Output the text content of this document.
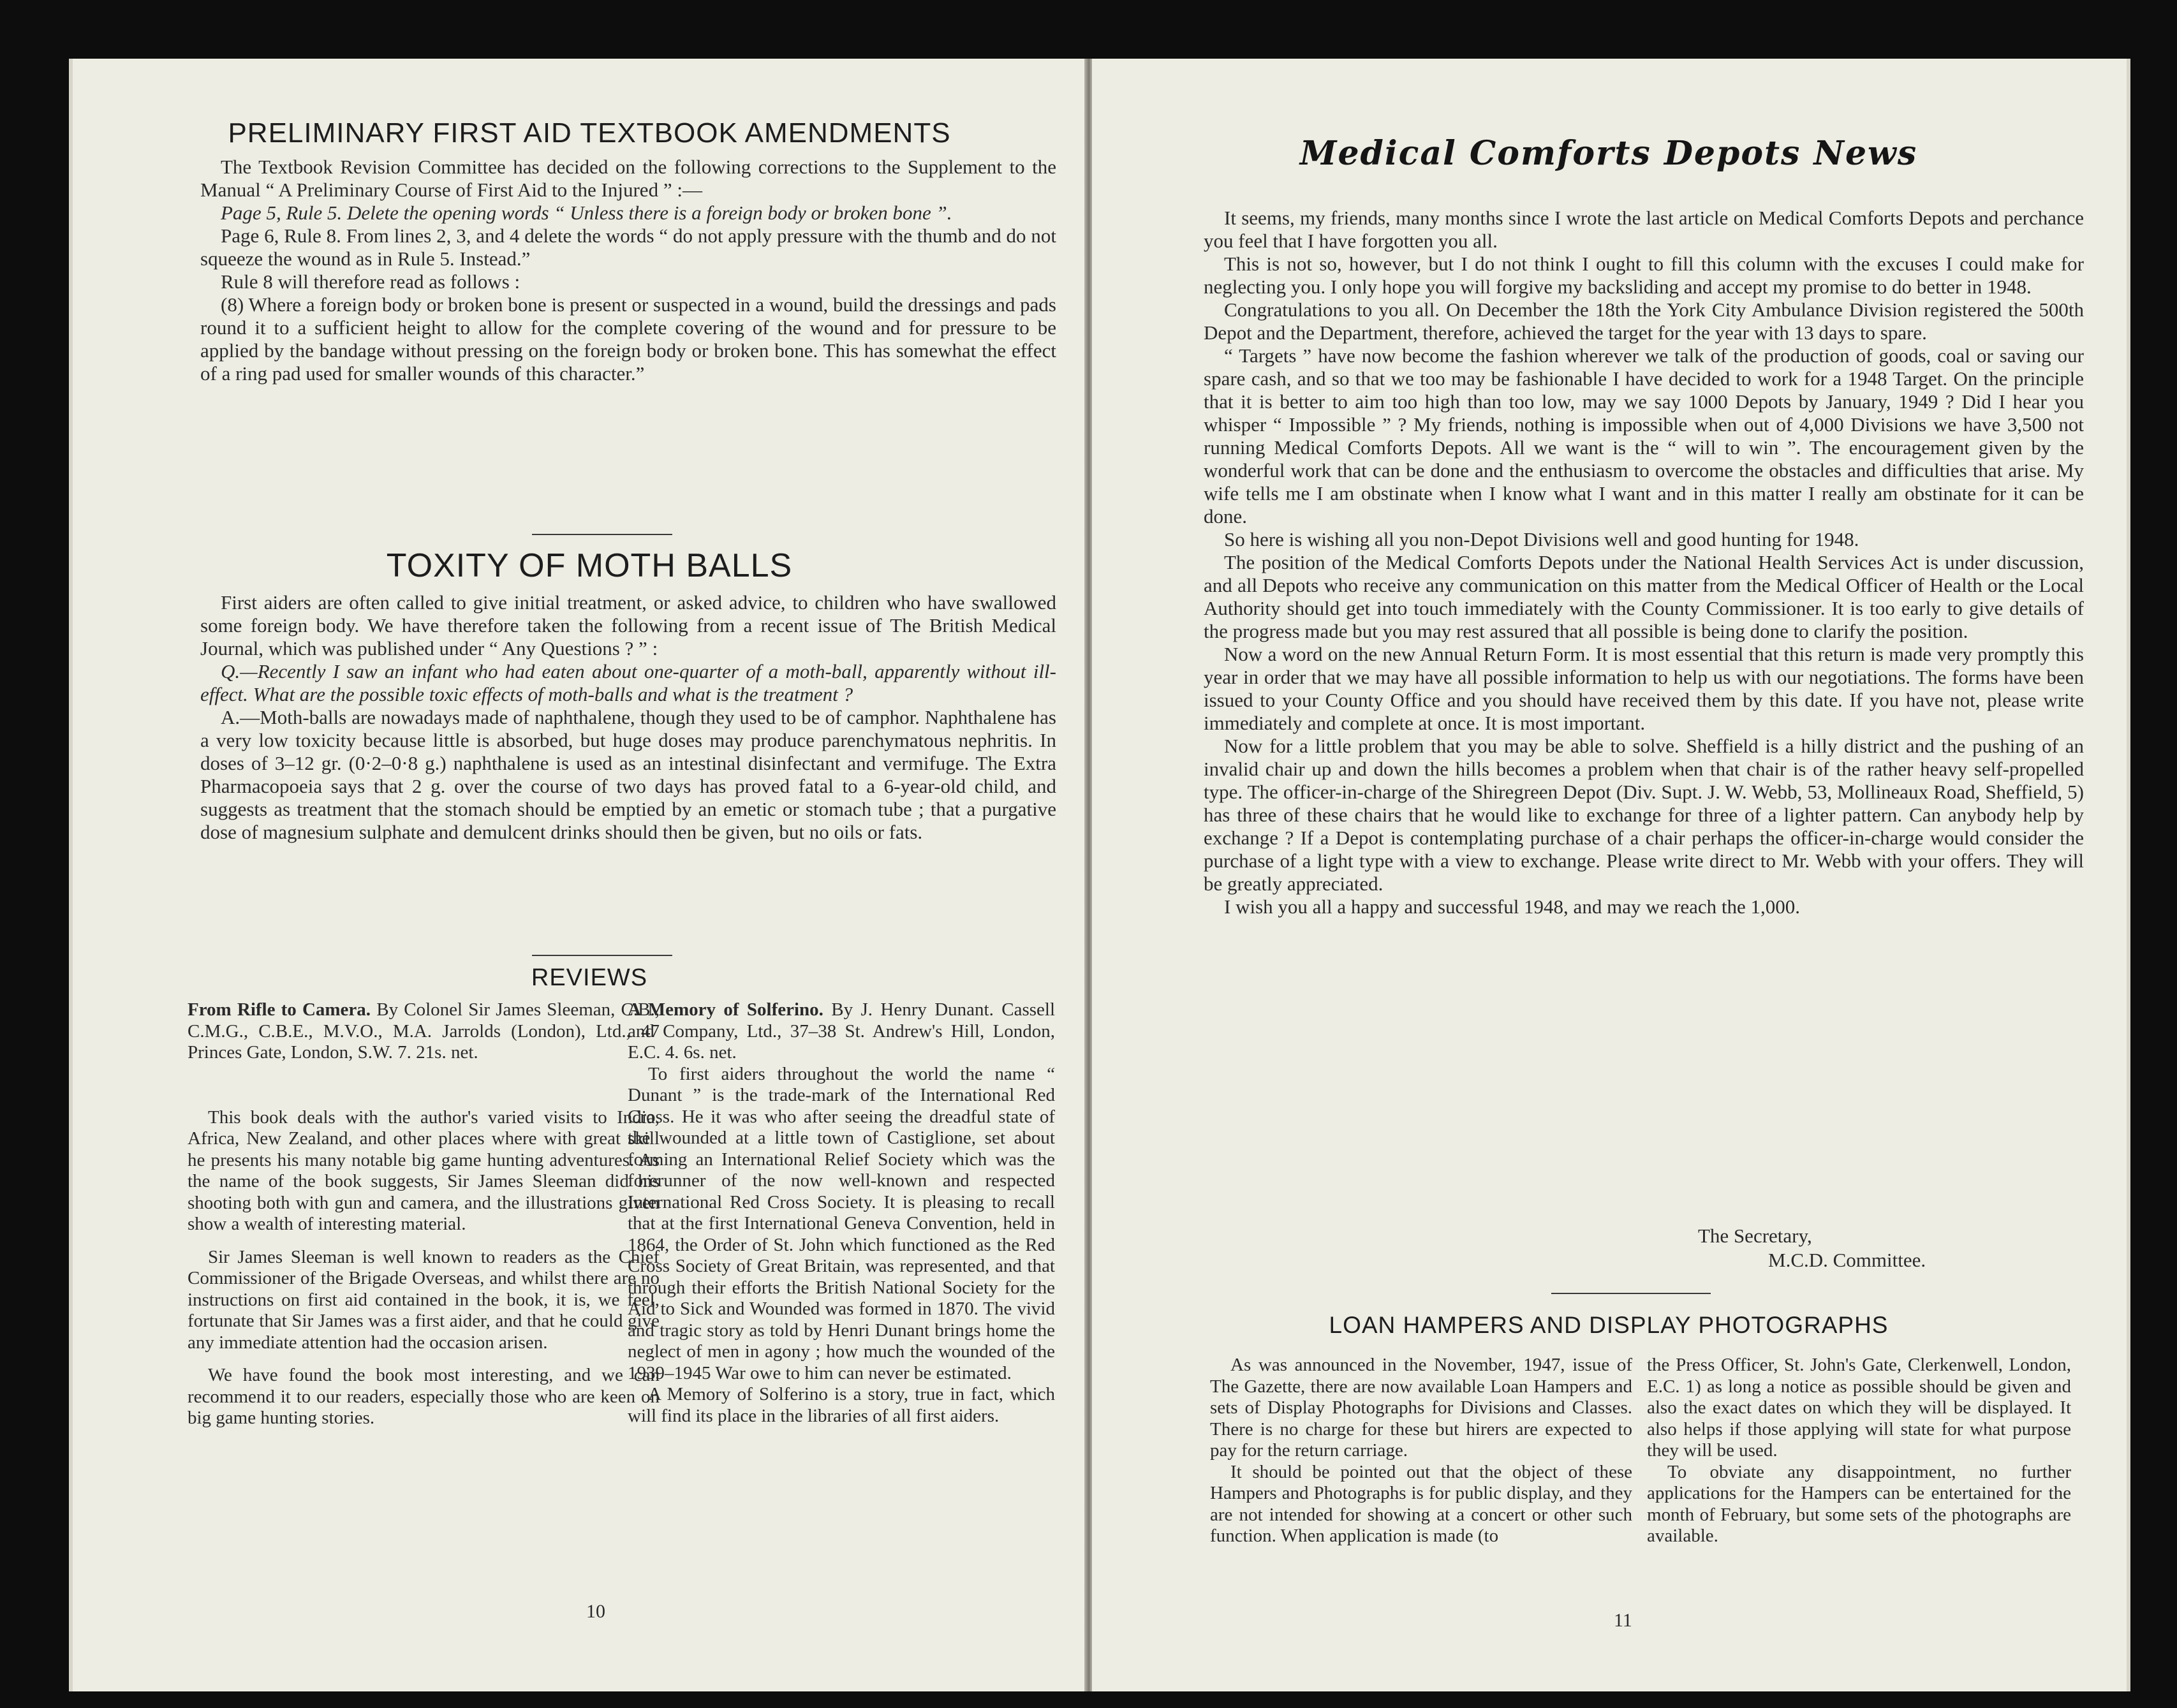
PRELIMINARY FIRST AID TEXTBOOK AMENDMENTS

The Textbook Revision Committee has decided on the following corrections to the Supplement to the Manual “ A Preliminary Course of First Aid to the Injured ” :—

Page 5, Rule 5. Delete the opening words “ Unless there is a foreign body or broken bone ”.

Page 6, Rule 8. From lines 2, 3, and 4 delete the words “ do not apply pressure with the thumb and do not squeeze the wound as in Rule 5. Instead.”

Rule 8 will therefore read as follows :

(8) Where a foreign body or broken bone is present or suspected in a wound, build the dressings and pads round it to a sufficient height to allow for the complete covering of the wound and for pressure to be applied by the bandage without pressing on the foreign body or broken bone. This has somewhat the effect of a ring pad used for smaller wounds of this character.”

TOXITY OF MOTH BALLS

First aiders are often called to give initial treatment, or asked advice, to children who have swallowed some foreign body. We have therefore taken the following from a recent issue of The British Medical Journal, which was published under “ Any Questions ? ” :

Q.—Recently I saw an infant who had eaten about one-quarter of a moth-ball, apparently without ill-effect. What are the possible toxic effects of moth-balls and what is the treatment ?

A.—Moth-balls are nowadays made of naphthalene, though they used to be of camphor. Naphthalene has a very low toxicity because little is absorbed, but huge doses may produce parenchymatous nephritis. In doses of 3–12 gr. (0·2–0·8 g.) naphthalene is used as an intestinal disinfectant and vermifuge. The Extra Pharmacopoeia says that 2 g. over the course of two days has proved fatal to a 6-year-old child, and suggests as treatment that the stomach should be emptied by an emetic or stomach tube ; that a purgative dose of magnesium sulphate and demulcent drinks should then be given, but no oils or fats.

REVIEWS

From Rifle to Camera. By Colonel Sir James Sleeman, C.B., C.M.G., C.B.E., M.V.O., M.A. Jarrolds (London), Ltd., 47 Princes Gate, London, S.W. 7. 21s. net.

This book deals with the author's varied visits to India, Africa, New Zealand, and other places where with great skill he presents his many notable big game hunting adventures. As the name of the book suggests, Sir James Sleeman did his shooting both with gun and camera, and the illustrations given show a wealth of interesting material.

Sir James Sleeman is well known to readers as the Chief Commissioner of the Brigade Overseas, and whilst there are no instructions on first aid contained in the book, it is, we feel, fortunate that Sir James was a first aider, and that he could give any immediate attention had the occasion arisen.

We have found the book most interesting, and we can recommend it to our readers, especially those who are keen on big game hunting stories.

A Memory of Solferino. By J. Henry Dunant. Cassell and Company, Ltd., 37–38 St. Andrew's Hill, London, E.C. 4. 6s. net.

To first aiders throughout the world the name “ Dunant ” is the trade-mark of the International Red Cross. He it was who after seeing the dreadful state of the wounded at a little town of Castiglione, set about forming an International Relief Society which was the forerunner of the now well-known and respected International Red Cross Society. It is pleasing to recall that at the first International Geneva Convention, held in 1864, the Order of St. John which functioned as the Red Cross Society of Great Britain, was represented, and that through their efforts the British National Society for the Aid to Sick and Wounded was formed in 1870. The vivid and tragic story as told by Henri Dunant brings home the neglect of men in agony ; how much the wounded of the 1939–1945 War owe to him can never be estimated.

A Memory of Solferino is a story, true in fact, which will find its place in the libraries of all first aiders.

10
Medical Comforts Depots News

It seems, my friends, many months since I wrote the last article on Medical Comforts Depots and perchance you feel that I have forgotten you all.

This is not so, however, but I do not think I ought to fill this column with the excuses I could make for neglecting you. I only hope you will forgive my backsliding and accept my promise to do better in 1948.

Congratulations to you all. On December the 18th the York City Ambulance Division registered the 500th Depot and the Department, therefore, achieved the target for the year with 13 days to spare.

“ Targets ” have now become the fashion wherever we talk of the production of goods, coal or saving our spare cash, and so that we too may be fashionable I have decided to work for a 1948 Target. On the principle that it is better to aim too high than too low, may we say 1000 Depots by January, 1949 ? Did I hear you whisper “ Impossible ” ? My friends, nothing is impossible when out of 4,000 Divisions we have 3,500 not running Medical Comforts Depots. All we want is the “ will to win ”. The encouragement given by the wonderful work that can be done and the enthusiasm to overcome the obstacles and difficulties that arise. My wife tells me I am obstinate when I know what I want and in this matter I really am obstinate for it can be done.

So here is wishing all you non-Depot Divisions well and good hunting for 1948.

The position of the Medical Comforts Depots under the National Health Services Act is under discussion, and all Depots who receive any communication on this matter from the Medical Officer of Health or the Local Authority should get into touch immediately with the County Commissioner. It is too early to give details of the progress made but you may rest assured that all possible is being done to clarify the position.

Now a word on the new Annual Return Form. It is most essential that this return is made very promptly this year in order that we may have all possible information to help us with our negotiations. The forms have been issued to your County Office and you should have received them by this date. If you have not, please write immediately and complete at once. It is most important.

Now for a little problem that you may be able to solve. Sheffield is a hilly district and the pushing of an invalid chair up and down the hills becomes a problem when that chair is of the rather heavy self-propelled type. The officer-in-charge of the Shiregreen Depot (Div. Supt. J. W. Webb, 53, Mollineaux Road, Sheffield, 5) has three of these chairs that he would like to exchange for three of a lighter pattern. Can anybody help by exchange ? If a Depot is contemplating purchase of a chair perhaps the officer-in-charge would consider the purchase of a light type with a view to exchange. Please write direct to Mr. Webb with your offers. They will be greatly appreciated.

I wish you all a happy and successful 1948, and may we reach the 1,000.

The Secretary,
M.C.D. Committee.
LOAN HAMPERS AND DISPLAY PHOTOGRAPHS

As was announced in the November, 1947, issue of The Gazette, there are now available Loan Hampers and sets of Display Photographs for Divisions and Classes. There is no charge for these but hirers are expected to pay for the return carriage.

It should be pointed out that the object of these Hampers and Photographs is for public display, and they are not intended for showing at a concert or other such function. When application is made (to

the Press Officer, St. John's Gate, Clerkenwell, London, E.C. 1) as long a notice as possible should be given and also the exact dates on which they will be displayed. It also helps if those applying will state for what purpose they will be used.

To obviate any disappointment, no further applications for the Hampers can be entertained for the month of February, but some sets of the photographs are available.

11
